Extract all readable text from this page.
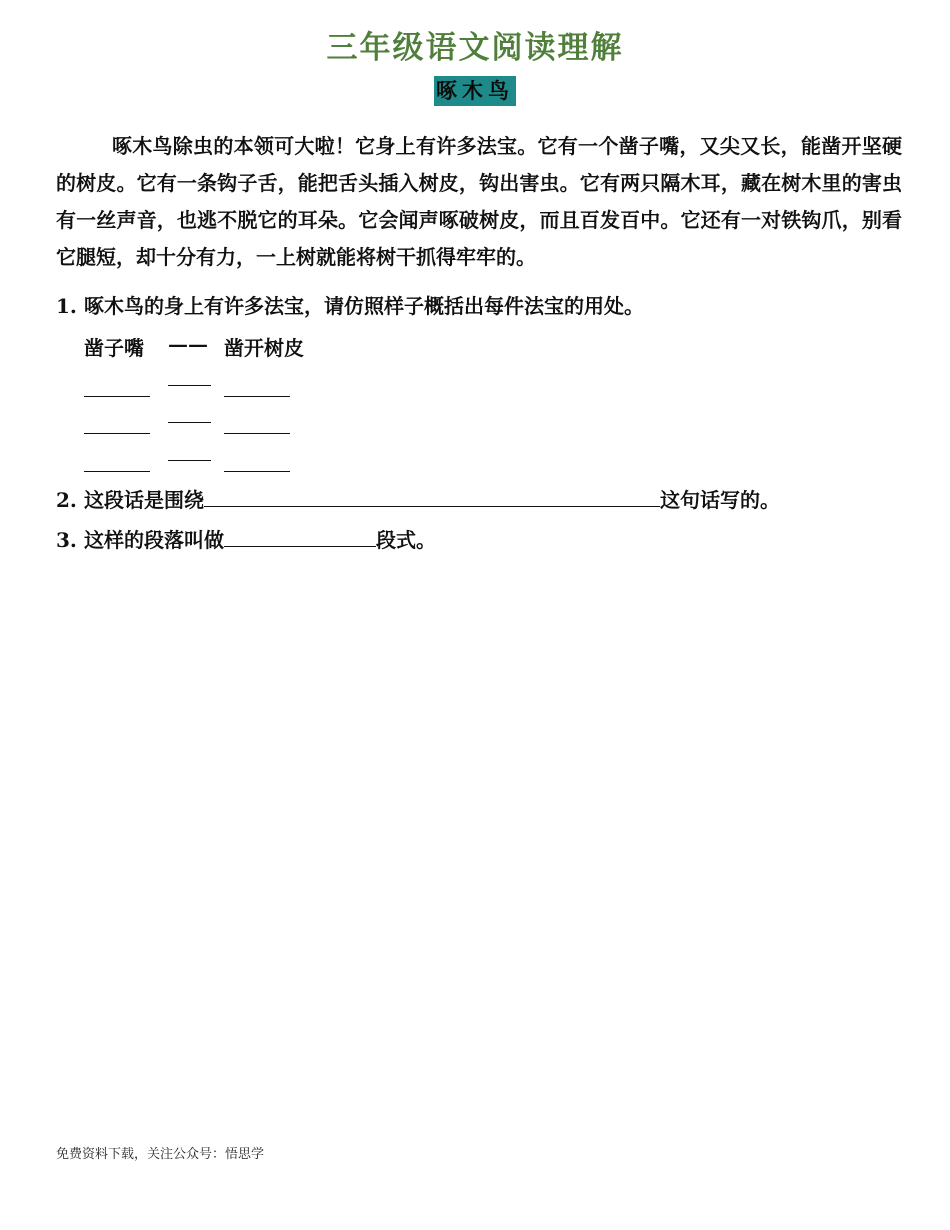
三年级语文阅读理解
啄木鸟

啄木鸟除虫的本领可大啦！它身上有许多法宝。它有一个凿子嘴，又尖又长，能凿开坚硬的树皮。它有一条钩子舌，能把舌头插入树皮，钩出害虫。它有两只隔木耳，藏在树木里的害虫有一丝声音，也逃不脱它的耳朵。它会闻声啄破树皮，而且百发百中。它还有一对铁钩爪，别看它腿短，却十分有力，一上树就能将树干抓得牢牢的。

1. 啄木鸟的身上有许多法宝，请仿照样子概括出每件法宝的用处。
凿子嘴 —— 凿开树皮
2. 这段话是围绕	这句话写的。
3. 这样的段落叫做	段式。
免费资料下载，关注公众号：悟思学
